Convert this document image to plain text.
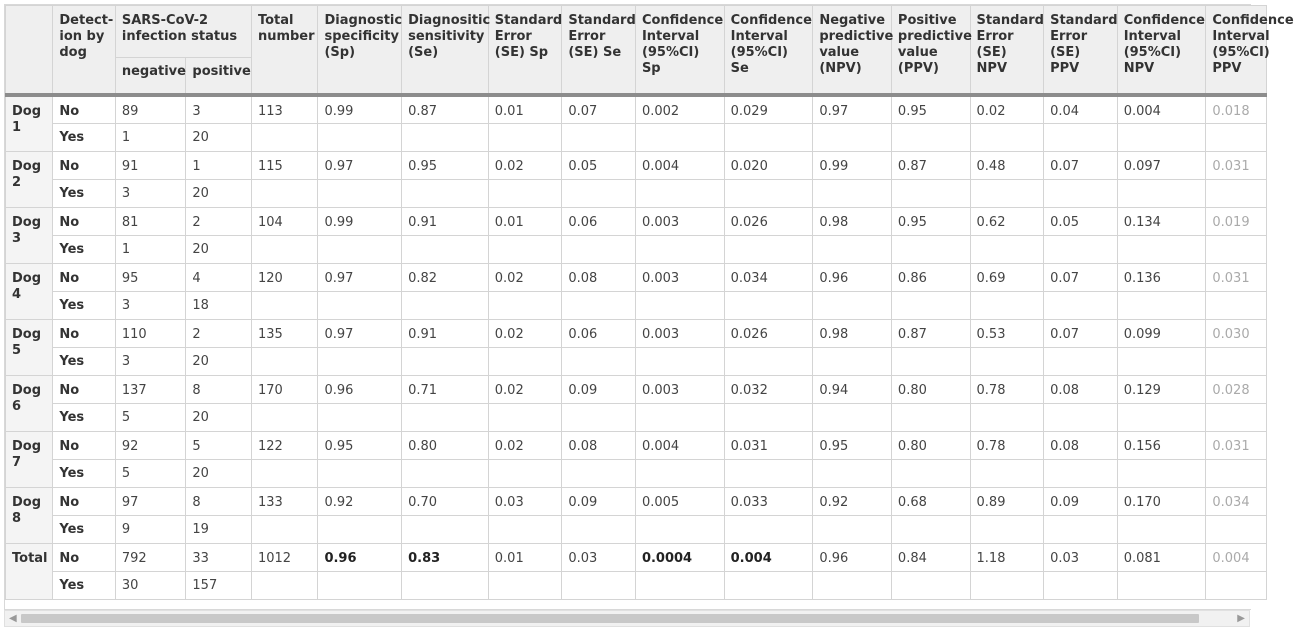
	Detect-ion by dog	SARS-CoV-2 infection status		Total number	Diagnostic specificity (Sp)	Diagnositic sensitivity (Se)	Standard Error (SE) Sp	Standard Error (SE) Se	Confidence Interval (95%CI) Sp	Confidence Interval (95%CI) Se	Negative predictive value (NPV)	Positive predictive value (PPV)	Standard Error (SE) NPV	Standard Error (SE) PPV	Confidence Interval (95%CI) NPV	Confidence Interval (95%CI) PPV
		negative	positive													
Dog 1	No	89	3	113	0.99	0.87	0.01	0.07	0.002	0.029	0.97	0.95	0.02	0.04	0.004	0.018
	Yes	1	20													
Dog 2	No	91	1	115	0.97	0.95	0.02	0.05	0.004	0.020	0.99	0.87	0.48	0.07	0.097	0.031
	Yes	3	20													
Dog 3	No	81	2	104	0.99	0.91	0.01	0.06	0.003	0.026	0.98	0.95	0.62	0.05	0.134	0.019
	Yes	1	20													
Dog 4	No	95	4	120	0.97	0.82	0.02	0.08	0.003	0.034	0.96	0.86	0.69	0.07	0.136	0.031
	Yes	3	18													
Dog 5	No	110	2	135	0.97	0.91	0.02	0.06	0.003	0.026	0.98	0.87	0.53	0.07	0.099	0.030
	Yes	3	20													
Dog 6	No	137	8	170	0.96	0.71	0.02	0.09	0.003	0.032	0.94	0.80	0.78	0.08	0.129	0.028
	Yes	5	20													
Dog 7	No	92	5	122	0.95	0.80	0.02	0.08	0.004	0.031	0.95	0.80	0.78	0.08	0.156	0.031
	Yes	5	20													
Dog 8	No	97	8	133	0.92	0.70	0.03	0.09	0.005	0.033	0.92	0.68	0.89	0.09	0.170	0.034
	Yes	9	19													
Total	No	792	33	1012	0.96	0.83	0.01	0.03	0.0004	0.004	0.96	0.84	1.18	0.03	0.081	0.004
	Yes	30	157													
◀	▶
